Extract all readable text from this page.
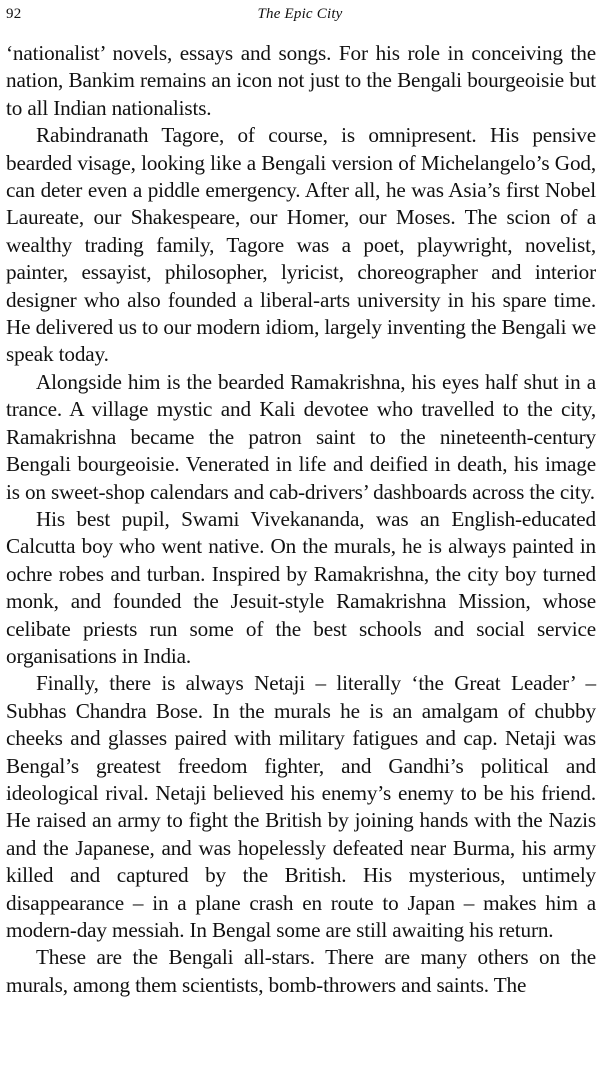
92	The Epic City

‘nationalist’ novels, essays and songs. For his role in conceiving the nation, Bankim remains an icon not just to the Bengali bourgeoisie but to all Indian nationalists.

Rabindranath Tagore, of course, is omnipresent. His pensive bearded visage, looking like a Bengali version of Michelangelo’s God, can deter even a piddle emergency. After all, he was Asia’s first Nobel Laureate, our Shakespeare, our Homer, our Moses. The scion of a wealthy trading family, Tagore was a poet, playwright, novelist, painter, essayist, philosopher, lyricist, choreographer and interior designer who also founded a liberal-arts university in his spare time. He delivered us to our modern idiom, largely inventing the Bengali we speak today.

Alongside him is the bearded Ramakrishna, his eyes half shut in a trance. A village mystic and Kali devotee who travelled to the city, Ramakrishna became the patron saint to the nineteenth-century Bengali bourgeoisie. Venerated in life and deified in death, his image is on sweet-shop calendars and cab-drivers’ dashboards across the city.

His best pupil, Swami Vivekananda, was an English-educated Calcutta boy who went native. On the murals, he is always painted in ochre robes and turban. Inspired by Ramakrishna, the city boy turned monk, and founded the Jesuit-style Ramakrishna Mission, whose celibate priests run some of the best schools and social service organisations in India.

Finally, there is always Netaji – literally ‘the Great Leader’ – Subhas Chandra Bose. In the murals he is an amalgam of chubby cheeks and glasses paired with military fatigues and cap. Netaji was Bengal’s greatest freedom fighter, and Gandhi’s political and ideological rival. Netaji believed his enemy’s enemy to be his friend. He raised an army to fight the British by joining hands with the Nazis and the Japanese, and was hopelessly defeated near Burma, his army killed and captured by the British. His mysterious, untimely disappearance – in a plane crash en route to Japan – makes him a modern-day messiah. In Bengal some are still awaiting his return.

These are the Bengali all-stars. There are many others on the murals, among them scientists, bomb-throwers and saints. The
